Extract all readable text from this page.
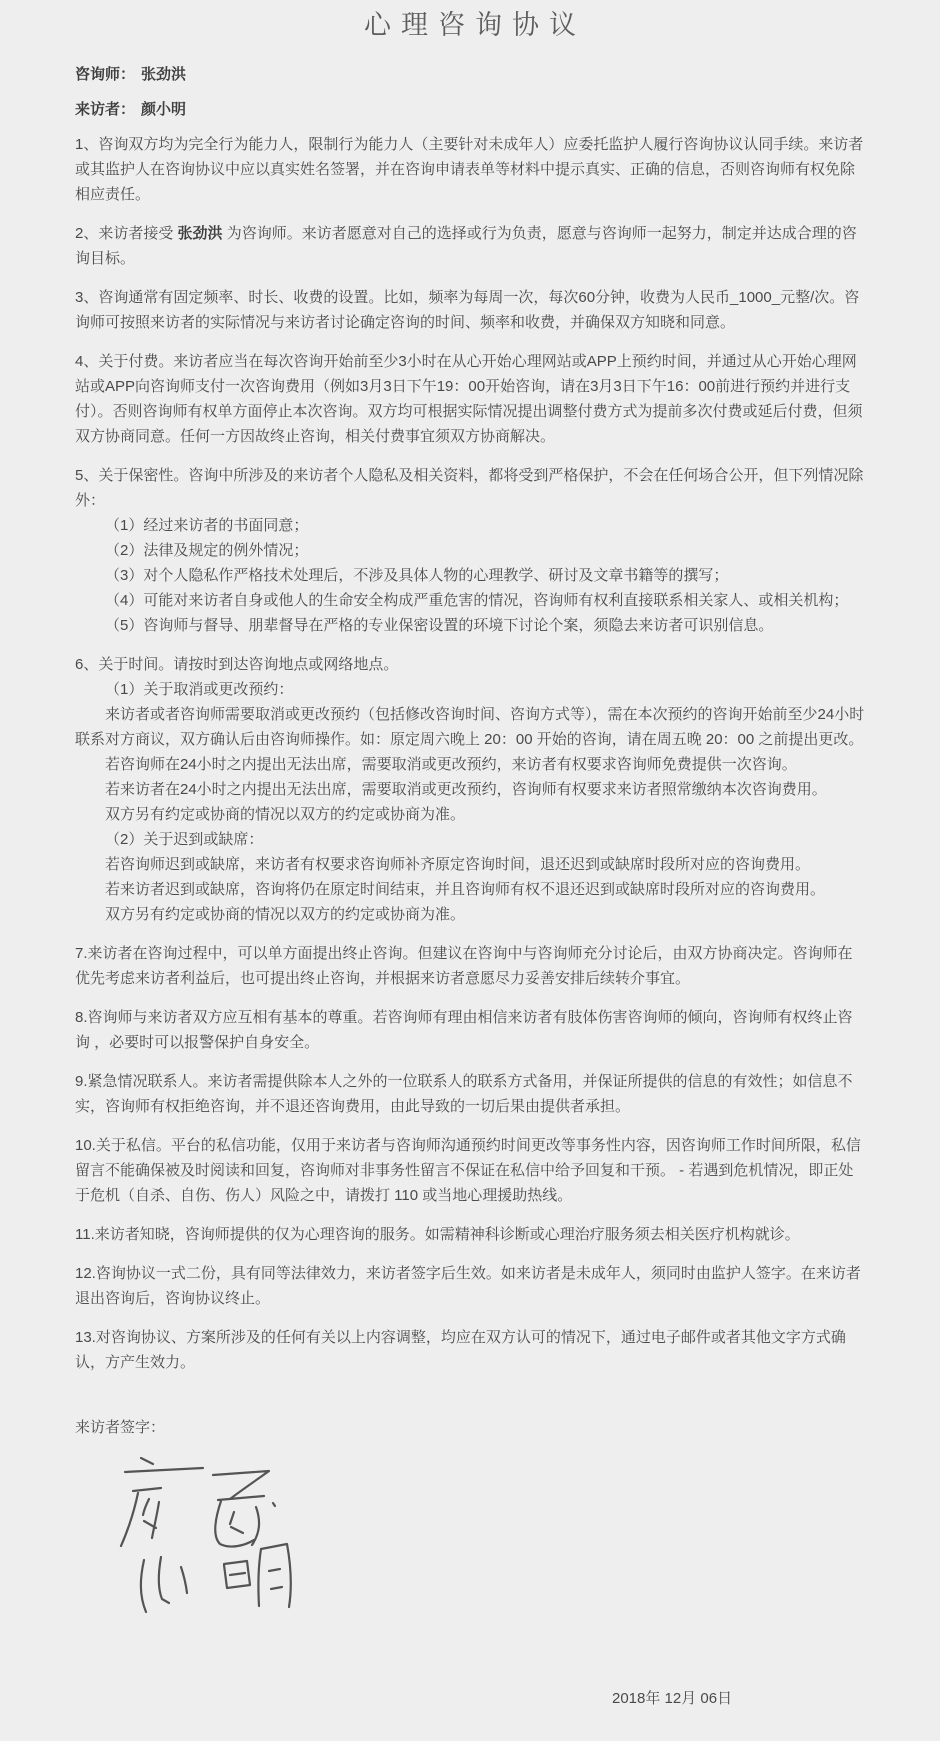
心理咨询协议

咨询师： 张劲洪

来访者： 颜小明

1、咨询双方均为完全行为能力人，限制行为能力人（主要针对未成年人）应委托监护人履行咨询协议认同手续。来访者或其监护人在咨询协议中应以真实姓名签署，并在咨询申请表单等材料中提示真实、正确的信息，否则咨询师有权免除相应责任。

2、来访者接受 张劲洪 为咨询师。来访者愿意对自己的选择或行为负责，愿意与咨询师一起努力，制定并达成合理的咨询目标。

3、咨询通常有固定频率、时长、收费的设置。比如，频率为每周一次，每次60分钟，收费为人民币_1000_元整/次。咨询师可按照来访者的实际情况与来访者讨论确定咨询的时间、频率和收费，并确保双方知晓和同意。

4、关于付费。来访者应当在每次咨询开始前至少3小时在从心开始心理网站或APP上预约时间，并通过从心开始心理网站或APP向咨询师支付一次咨询费用（例如3月3日下午19：00开始咨询，请在3月3日下午16：00前进行预约并进行支付）。否则咨询师有权单方面停止本次咨询。双方均可根据实际情况提出调整付费方式为提前多次付费或延后付费，但须双方协商同意。任何一方因故终止咨询，相关付费事宜须双方协商解决。

5、关于保密性。咨询中所涉及的来访者个人隐私及相关资料，都将受到严格保护，不会在任何场合公开，但下列情况除外：
（1）经过来访者的书面同意；
（2）法律及规定的例外情况；
（3）对个人隐私作严格技术处理后，不涉及具体人物的心理教学、研讨及文章书籍等的撰写；
（4）可能对来访者自身或他人的生命安全构成严重危害的情况，咨询师有权利直接联系相关家人、或相关机构；
（5）咨询师与督导、朋辈督导在严格的专业保密设置的环境下讨论个案，须隐去来访者可识别信息。

6、关于时间。请按时到达咨询地点或网络地点。
（1）关于取消或更改预约：
来访者或者咨询师需要取消或更改预约（包括修改咨询时间、咨询方式等），需在本次预约的咨询开始前至少24小时联系对方商议，双方确认后由咨询师操作。如：原定周六晚上 20：00 开始的咨询，请在周五晚 20：00 之前提出更改。
若咨询师在24小时之内提出无法出席，需要取消或更改预约，来访者有权要求咨询师免费提供一次咨询。
若来访者在24小时之内提出无法出席，需要取消或更改预约，咨询师有权要求来访者照常缴纳本次咨询费用。
双方另有约定或协商的情况以双方的约定或协商为准。
（2）关于迟到或缺席：
若咨询师迟到或缺席，来访者有权要求咨询师补齐原定咨询时间，退还迟到或缺席时段所对应的咨询费用。
若来访者迟到或缺席，咨询将仍在原定时间结束，并且咨询师有权不退还迟到或缺席时段所对应的咨询费用。
双方另有约定或协商的情况以双方的约定或协商为准。

7.来访者在咨询过程中，可以单方面提出终止咨询。但建议在咨询中与咨询师充分讨论后，由双方协商决定。咨询师在优先考虑来访者利益后，也可提出终止咨询，并根据来访者意愿尽力妥善安排后续转介事宜。

8.咨询师与来访者双方应互相有基本的尊重。若咨询师有理由相信来访者有肢体伤害咨询师的倾向，咨询师有权终止咨询 ，必要时可以报警保护自身安全。

9.紧急情况联系人。来访者需提供除本人之外的一位联系人的联系方式备用，并保证所提供的信息的有效性；如信息不实，咨询师有权拒绝咨询，并不退还咨询费用，由此导致的一切后果由提供者承担。

10.关于私信。平台的私信功能，仅用于来访者与咨询师沟通预约时间更改等事务性内容，因咨询师工作时间所限，私信留言不能确保被及时阅读和回复，咨询师对非事务性留言不保证在私信中给予回复和干预。 - 若遇到危机情况，即正处于危机（自杀、自伤、伤人）风险之中，请拨打 110 或当地心理援助热线。

11.来访者知晓，咨询师提供的仅为心理咨询的服务。如需精神科诊断或心理治疗服务须去相关医疗机构就诊。

12.咨询协议一式二份，具有同等法律效力，来访者签字后生效。如来访者是未成年人，须同时由监护人签字。在来访者退出咨询后，咨询协议终止。

13.对咨询协议、方案所涉及的任何有关以上内容调整，均应在双方认可的情况下，通过电子邮件或者其他文字方式确认，方产生效力。

来访者签字：

2018年 12月 06日
